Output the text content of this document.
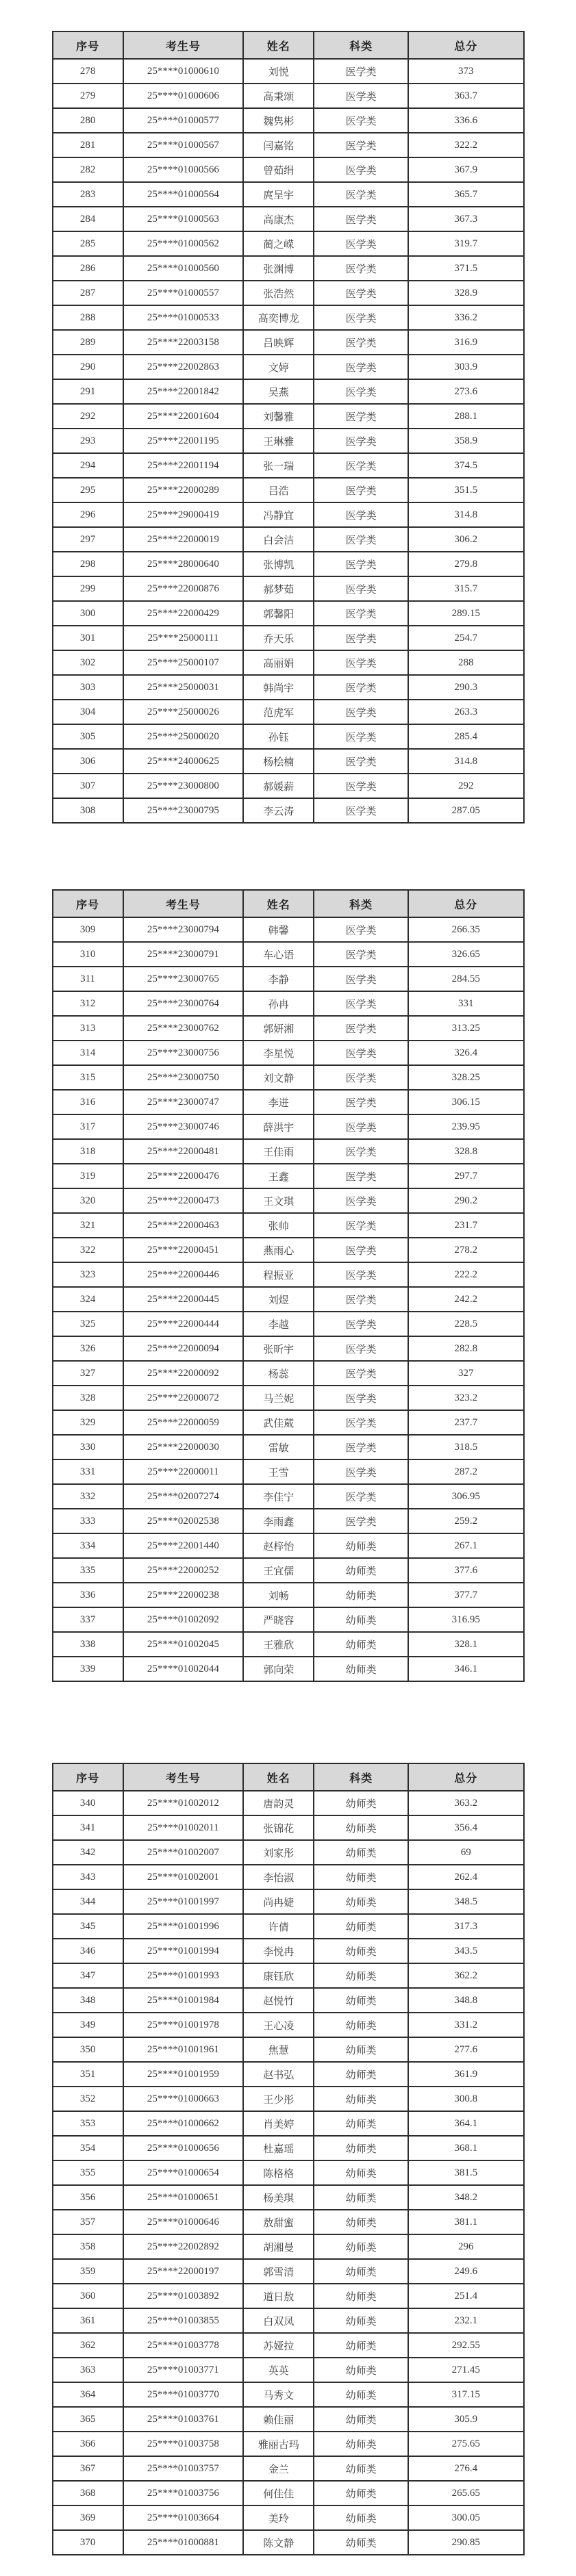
序号	考生号	姓名	科类	总分
278	25****01000610	刘悦	医学类	373
279	25****01000606	高秉颂	医学类	363.7
280	25****01000577	魏隽彬	医学类	336.6
281	25****01000567	闫嘉铭	医学类	322.2
282	25****01000566	曾茹绢	医学类	367.9
283	25****01000564	庹呈宇	医学类	365.7
284	25****01000563	高康杰	医学类	367.3
285	25****01000562	蔺之嵘	医学类	319.7
286	25****01000560	张渊博	医学类	371.5
287	25****01000557	张浩然	医学类	328.9
288	25****01000533	高奕博龙	医学类	336.2
289	25****22003158	吕映辉	医学类	316.9
290	25****22002863	文婷	医学类	303.9
291	25****22001842	吴燕	医学类	273.6
292	25****22001604	刘馨雅	医学类	288.1
293	25****22001195	王琳雅	医学类	358.9
294	25****22001194	张一瑞	医学类	374.5
295	25****22000289	吕浩	医学类	351.5
296	25****29000419	冯静宜	医学类	314.8
297	25****22000019	白会洁	医学类	306.2
298	25****28000640	张博凯	医学类	279.8
299	25****22000876	郝梦茹	医学类	315.7
300	25****22000429	郭馨阳	医学类	289.15
301	25****25000111	乔天乐	医学类	254.7
302	25****25000107	高丽娟	医学类	288
303	25****25000031	韩尚宇	医学类	290.3
304	25****25000026	范虎军	医学类	263.3
305	25****25000020	孙钰	医学类	285.4
306	25****24000625	杨桧楠	医学类	314.8
307	25****23000800	郝媛薪	医学类	292
308	25****23000795	李云涛	医学类	287.05
序号	考生号	姓名	科类	总分
309	25****23000794	韩馨	医学类	266.35
310	25****23000791	车心语	医学类	326.65
311	25****23000765	李静	医学类	284.55
312	25****23000764	孙冉	医学类	331
313	25****23000762	郭妍湘	医学类	313.25
314	25****23000756	李星悦	医学类	326.4
315	25****23000750	刘文静	医学类	328.25
316	25****23000747	李进	医学类	306.15
317	25****23000746	薛洪宇	医学类	239.95
318	25****22000481	王佳雨	医学类	328.8
319	25****22000476	王鑫	医学类	297.7
320	25****22000473	王文琪	医学类	290.2
321	25****22000463	张帅	医学类	231.7
322	25****22000451	燕雨心	医学类	278.2
323	25****22000446	程振亚	医学类	222.2
324	25****22000445	刘煜	医学类	242.2
325	25****22000444	李越	医学类	228.5
326	25****22000094	张昕宇	医学类	282.8
327	25****22000092	杨蕊	医学类	327
328	25****22000072	马兰妮	医学类	323.2
329	25****22000059	武佳葳	医学类	237.7
330	25****22000030	雷敏	医学类	318.5
331	25****22000011	王雪	医学类	287.2
332	25****02007274	李佳宁	医学类	306.95
333	25****02002538	李雨鑫	医学类	259.2
334	25****22001440	赵梓怡	幼师类	267.1
335	25****22000252	王宜儒	幼师类	377.6
336	25****22000238	刘畅	幼师类	377.7
337	25****01002092	严晓容	幼师类	316.95
338	25****01002045	王雅欣	幼师类	328.1
339	25****01002044	郭向荣	幼师类	346.1
序号	考生号	姓名	科类	总分
340	25****01002012	唐韵灵	幼师类	363.2
341	25****01002011	张锦花	幼师类	356.4
342	25****01002007	刘家彤	幼师类	69
343	25****01002001	李怡淑	幼师类	262.4
344	25****01001997	尚冉婕	幼师类	348.5
345	25****01001996	许倩	幼师类	317.3
346	25****01001994	李悦冉	幼师类	343.5
347	25****01001993	康钰欣	幼师类	362.2
348	25****01001984	赵悦竹	幼师类	348.8
349	25****01001978	王心凌	幼师类	331.2
350	25****01001961	焦慧	幼师类	277.6
351	25****01001959	赵书弘	幼师类	361.9
352	25****01000663	王少彤	幼师类	300.8
353	25****01000662	肖美婷	幼师类	364.1
354	25****01000656	杜嘉瑶	幼师类	368.1
355	25****01000654	陈格格	幼师类	381.5
356	25****01000651	杨美琪	幼师类	348.2
357	25****01000646	敖甜蜜	幼师类	381.1
358	25****22002892	胡湘曼	幼师类	296
359	25****22000197	郭雪清	幼师类	249.6
360	25****01003892	道日敖	幼师类	251.4
361	25****01003855	白双凤	幼师类	232.1
362	25****01003778	苏娅拉	幼师类	292.55
363	25****01003771	英英	幼师类	271.45
364	25****01003770	马秀文	幼师类	317.15
365	25****01003761	赖佳丽	幼师类	305.9
366	25****01003758	雅丽古玛	幼师类	275.65
367	25****01003757	金兰	幼师类	276.4
368	25****01003756	何佳佳	幼师类	265.65
369	25****01003664	美玲	幼师类	300.05
370	25****01000881	陈文静	幼师类	290.85
